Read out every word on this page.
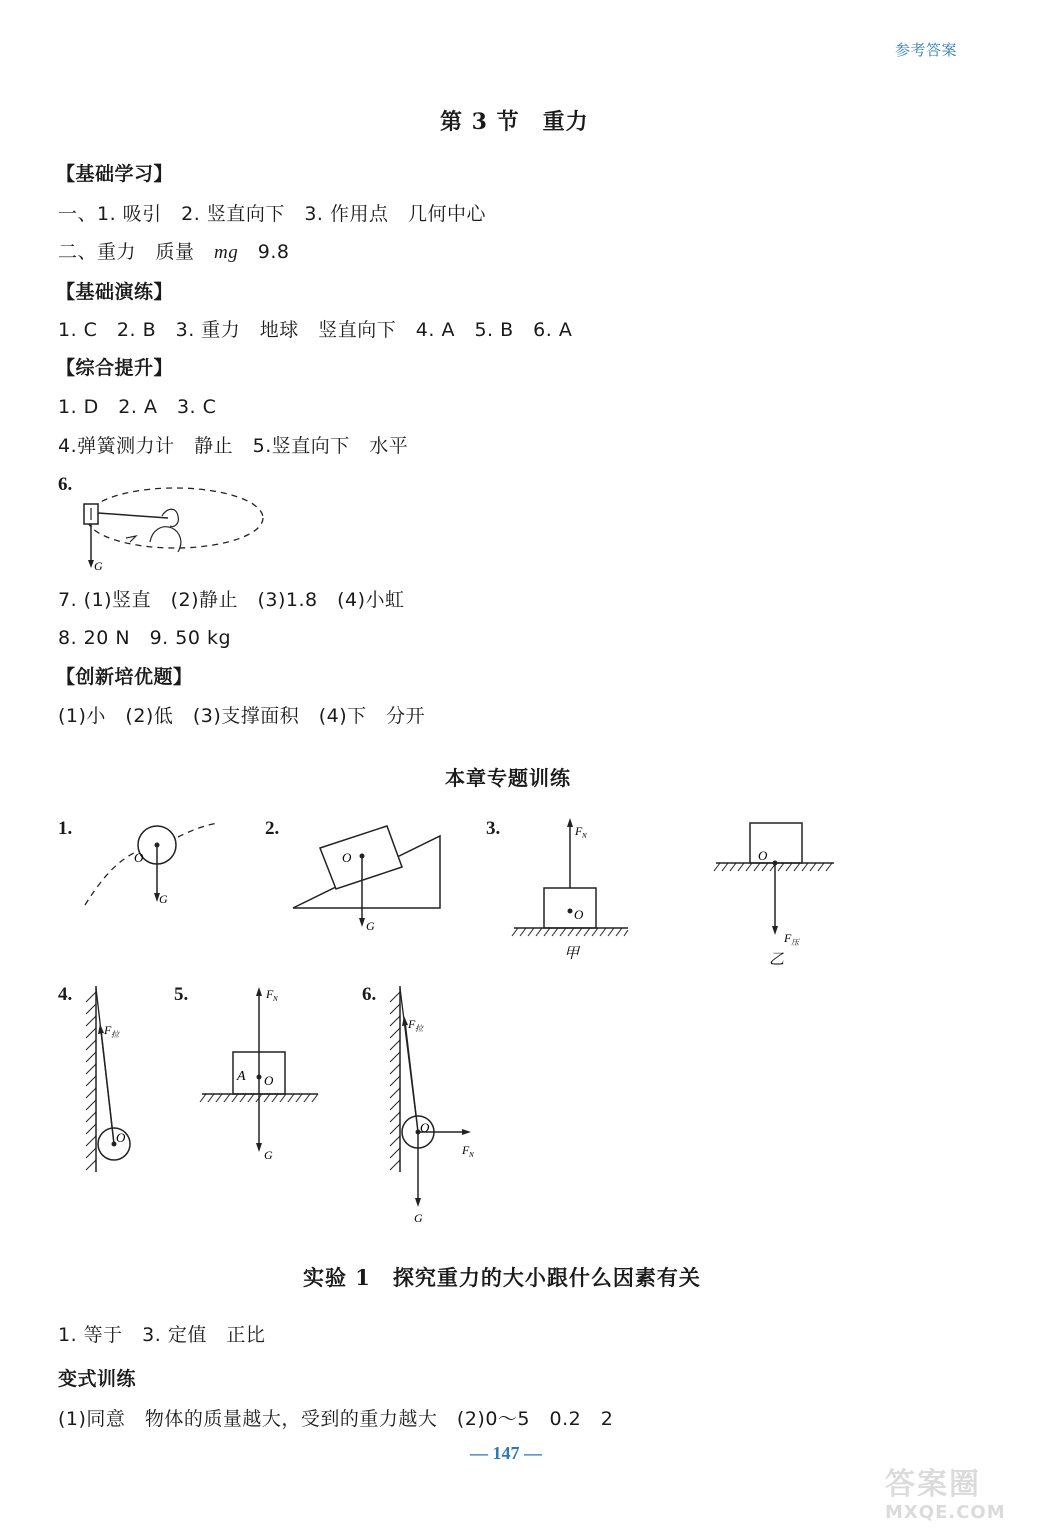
参考答案
第 3 节　重力
【基础学习】
一、1. 吸引　2. 竖直向下　3. 作用点　几何中心
二、重力　质量　mg　9.8
【基础演练】
1. C　2. B　3. 重力　地球　竖直向下　4. A　5. B　6. A
【综合提升】
1. D　2. A　3. C
4.弹簧测力计　静止　5.竖直向下　水平
6.
G
7. (1)竖直　(2)静止　(3)1.8　(4)小虹
8. 20 N　9. 50 kg
【创新培优题】
(1)小　(2)低　(3)支撑面积　(4)下　分开
本章专题训练
1.
O
G
2.
O
G
3.
O
F N
甲
O
F 压
乙
4.
O
F 拉
5.
A O
F N
G
6.
O
F 拉
F N
G
实验 1　探究重力的大小跟什么因素有关
1. 等于　3. 定值　正比
变式训练
(1)同意　物体的质量越大，受到的重力越大　(2)0～5　0.2　2
— 147 —
答案圈
MXQE.COM
